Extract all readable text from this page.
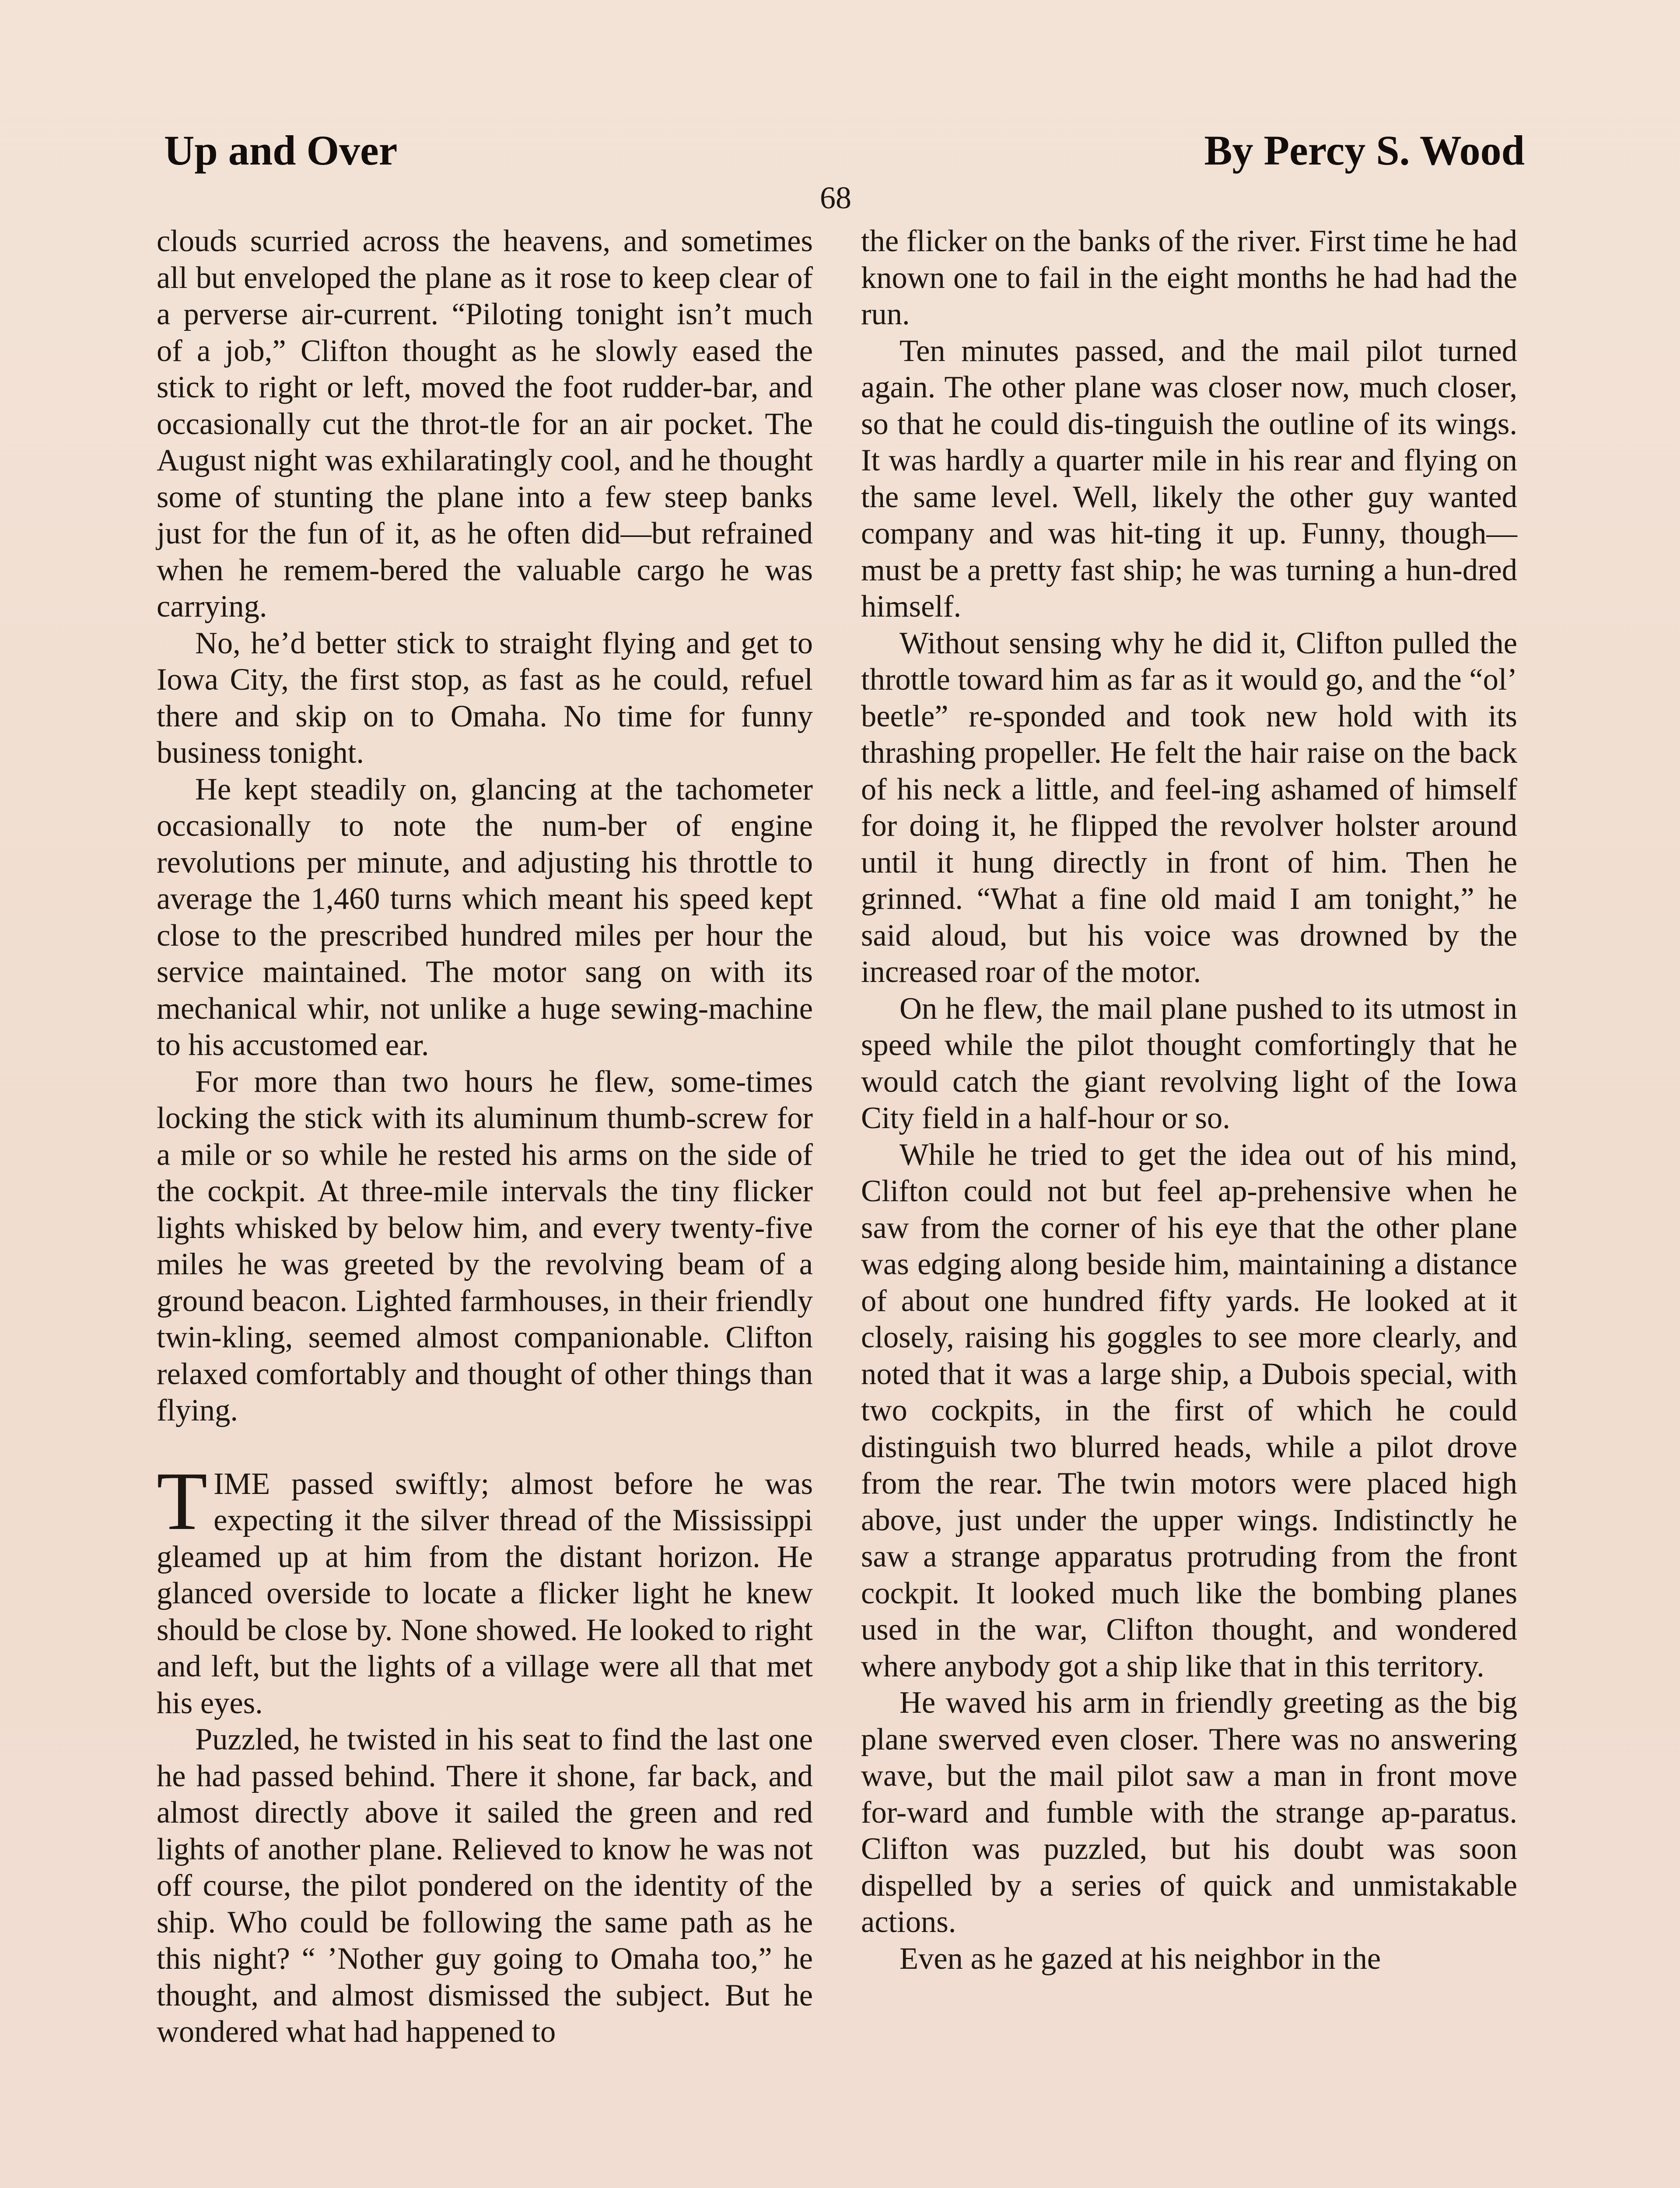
Up and Over	By Percy S. Wood
68

clouds scurried across the heavens, and sometimes all but enveloped the plane as it rose to keep clear of a perverse air-current. “Piloting tonight isn’t much of a job,” Clifton thought as he slowly eased the stick to right or left, moved the foot rudder-bar, and occasionally cut the throt-tle for an air pocket. The August night was exhilaratingly cool, and he thought some of stunting the plane into a few steep banks just for the fun of it, as he often did—but refrained when he remem-bered the valuable cargo he was carrying.

No, he’d better stick to straight flying and get to Iowa City, the first stop, as fast as he could, refuel there and skip on to Omaha. No time for funny business tonight.

He kept steadily on, glancing at the tachometer occasionally to note the num-ber of engine revolutions per minute, and adjusting his throttle to average the 1,460 turns which meant his speed kept close to the prescribed hundred miles per hour the service maintained. The motor sang on with its mechanical whir, not unlike a huge sewing-machine to his accustomed ear.

For more than two hours he flew, some-times locking the stick with its aluminum thumb-screw for a mile or so while he rested his arms on the side of the cockpit. At three-mile intervals the tiny flicker lights whisked by below him, and every twenty-five miles he was greeted by the revolving beam of a ground beacon. Lighted farmhouses, in their friendly twin-kling, seemed almost companionable. Clifton relaxed comfortably and thought of other things than flying.

TIME passed swiftly; almost before he was expecting it the silver thread of the Mississippi gleamed up at him from the distant horizon. He glanced overside to locate a flicker light he knew should be close by. None showed. He looked to right and left, but the lights of a village were all that met his eyes.

Puzzled, he twisted in his seat to find the last one he had passed behind. There it shone, far back, and almost directly above it sailed the green and red lights of another plane. Relieved to know he was not off course, the pilot pondered on the identity of the ship. Who could be following the same path as he this night? “ ’Nother guy going to Omaha too,” he thought, and almost dismissed the subject. But he wondered what had happened to

the flicker on the banks of the river. First time he had known one to fail in the eight months he had had the run.

Ten minutes passed, and the mail pilot turned again. The other plane was closer now, much closer, so that he could dis-tinguish the outline of its wings. It was hardly a quarter mile in his rear and flying on the same level. Well, likely the other guy wanted company and was hit-ting it up. Funny, though—must be a pretty fast ship; he was turning a hun-dred himself.

Without sensing why he did it, Clifton pulled the throttle toward him as far as it would go, and the “ol’ beetle” re-sponded and took new hold with its thrashing propeller. He felt the hair raise on the back of his neck a little, and feel-ing ashamed of himself for doing it, he flipped the revolver holster around until it hung directly in front of him. Then he grinned. “What a fine old maid I am tonight,” he said aloud, but his voice was drowned by the increased roar of the motor.

On he flew, the mail plane pushed to its utmost in speed while the pilot thought comfortingly that he would catch the giant revolving light of the Iowa City field in a half-hour or so.

While he tried to get the idea out of his mind, Clifton could not but feel ap-prehensive when he saw from the corner of his eye that the other plane was edging along beside him, maintaining a distance of about one hundred fifty yards. He looked at it closely, raising his goggles to see more clearly, and noted that it was a large ship, a Dubois special, with two cockpits, in the first of which he could distinguish two blurred heads, while a pilot drove from the rear. The twin motors were placed high above, just under the upper wings. Indistinctly he saw a strange apparatus protruding from the front cockpit. It looked much like the bombing planes used in the war, Clifton thought, and wondered where anybody got a ship like that in this territory.

He waved his arm in friendly greeting as the big plane swerved even closer. There was no answering wave, but the mail pilot saw a man in front move for-ward and fumble with the strange ap-paratus. Clifton was puzzled, but his doubt was soon dispelled by a series of quick and unmistakable actions.

Even as he gazed at his neighbor in the
